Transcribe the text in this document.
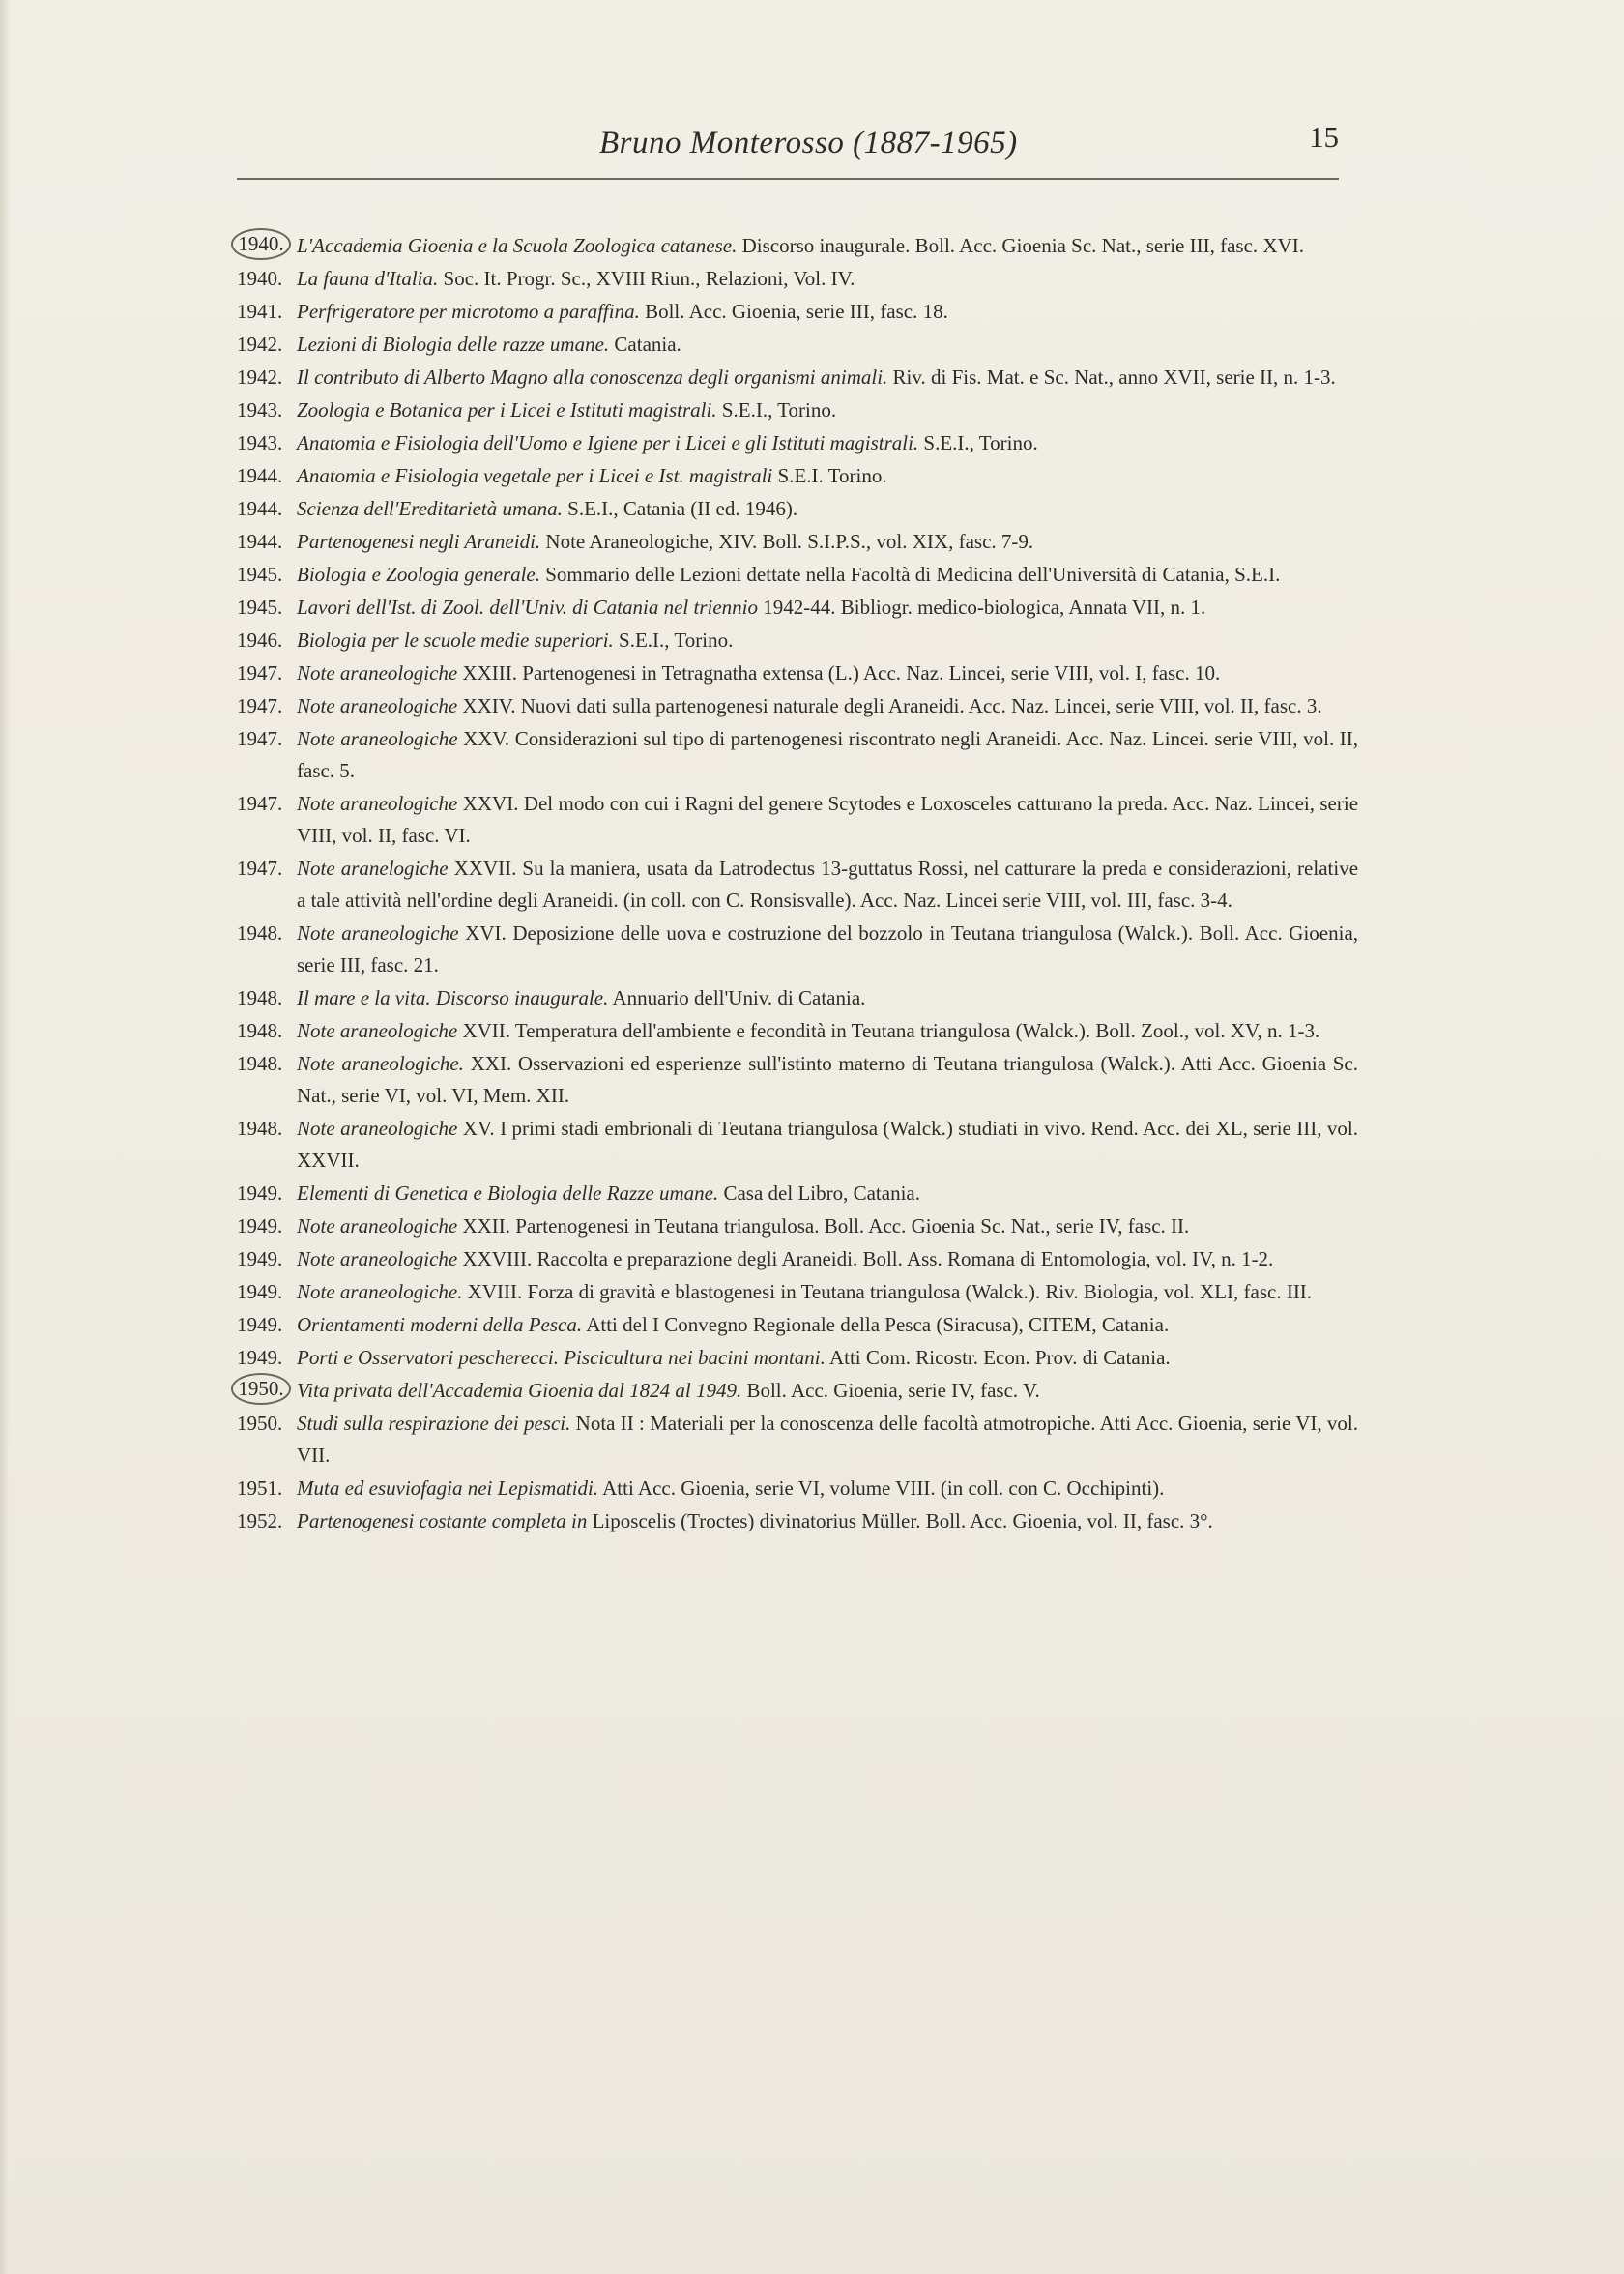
Bruno Monterosso (1887-1965)	15
1940. L'Accademia Gioenia e la Scuola Zoologica catanese. Discorso inaugurale. Boll. Acc. Gioenia Sc. Nat., serie III, fasc. XVI.
1940. La fauna d'Italia. Soc. It. Progr. Sc., XVIII Riun., Relazioni, Vol. IV.
1941. Perfrigeratore per microtomo a paraffina. Boll. Acc. Gioenia, serie III, fasc. 18.
1942. Lezioni di Biologia delle razze umane. Catania.
1942. Il contributo di Alberto Magno alla conoscenza degli organismi animali. Riv. di Fis. Mat. e Sc. Nat., anno XVII, serie II, n. 1-3.
1943. Zoologia e Botanica per i Licei e Istituti magistrali. S.E.I., Torino.
1943. Anatomia e Fisiologia dell'Uomo e Igiene per i Licei e gli Istituti magistrali. S.E.I., Torino.
1944. Anatomia e Fisiologia vegetale per i Licei e Ist. magistrali S.E.I. Torino.
1944. Scienza dell'Ereditarietà umana. S.E.I., Catania (II ed. 1946).
1944. Partenogenesi negli Araneidi. Note Araneologiche, XIV. Boll. S.I.P.S., vol. XIX, fasc. 7-9.
1945. Biologia e Zoologia generale. Sommario delle Lezioni dettate nella Facoltà di Medicina dell'Università di Catania, S.E.I.
1945. Lavori dell'Ist. di Zool. dell'Univ. di Catania nel triennio 1942-44. Bibliogr. medico-biologica, Annata VII, n. 1.
1946. Biologia per le scuole medie superiori. S.E.I., Torino.
1947. Note araneologiche XXIII. Partenogenesi in Tetragnatha extensa (L.) Acc. Naz. Lincei, serie VIII, vol. I, fasc. 10.
1947. Note araneologiche XXIV. Nuovi dati sulla partenogenesi naturale degli Araneidi. Acc. Naz. Lincei, serie VIII, vol. II, fasc. 3.
1947. Note araneologiche XXV. Considerazioni sul tipo di partenogenesi riscontrato negli Araneidi. Acc. Naz. Lincei. serie VIII, vol. II, fasc. 5.
1947. Note araneologiche XXVI. Del modo con cui i Ragni del genere Scytodes e Loxosceles catturano la preda. Acc. Naz. Lincei, serie VIII, vol. II, fasc. VI.
1947. Note aranelogiche XXVII. Su la maniera, usata da Latrodectus 13-guttatus Rossi, nel catturare la preda e considerazioni, relative a tale attività nell'ordine degli Araneidi. (in coll. con C. Ronsisvalle). Acc. Naz. Lincei serie VIII, vol. III, fasc. 3-4.
1948. Note araneologiche XVI. Deposizione delle uova e costruzione del bozzolo in Teutana triangulosa (Walck.). Boll. Acc. Gioenia, serie III, fasc. 21.
1948. Il mare e la vita. Discorso inaugurale. Annuario dell'Univ. di Catania.
1948. Note araneologiche XVII. Temperatura dell'ambiente e fecondità in Teutana triangulosa (Walck.). Boll. Zool., vol. XV, n. 1-3.
1948. Note araneologiche. XXI. Osservazioni ed esperienze sull'istinto materno di Teutana triangulosa (Walck.). Atti Acc. Gioenia Sc. Nat., serie VI, vol. VI, Mem. XII.
1948. Note araneologiche XV. I primi stadi embrionali di Teutana triangulosa (Walck.) studiati in vivo. Rend. Acc. dei XL, serie III, vol. XXVII.
1949. Elementi di Genetica e Biologia delle Razze umane. Casa del Libro, Catania.
1949. Note araneologiche XXII. Partenogenesi in Teutana triangulosa. Boll. Acc. Gioenia Sc. Nat., serie IV, fasc. II.
1949. Note araneologiche XXVIII. Raccolta e preparazione degli Araneidi. Boll. Ass. Romana di Entomologia, vol. IV, n. 1-2.
1949. Note araneologiche. XVIII. Forza di gravità e blastogenesi in Teutana triangulosa (Walck.). Riv. Biologia, vol. XLI, fasc. III.
1949. Orientamenti moderni della Pesca. Atti del I Convegno Regionale della Pesca (Siracusa), CITEM, Catania.
1949. Porti e Osservatori pescherecci. Piscicultura nei bacini montani. Atti Com. Ricostr. Econ. Prov. di Catania.
1950. Vita privata dell'Accademia Gioenia dal 1824 al 1949. Boll. Acc. Gioenia, serie IV, fasc. V.
1950. Studi sulla respirazione dei pesci. Nota II : Materiali per la conoscenza delle facoltà atmotropiche. Atti Acc. Gioenia, serie VI, vol. VII.
1951. Muta ed esuviofagia nei Lepismatidi. Atti Acc. Gioenia, serie VI, volume VIII. (in coll. con C. Occhipinti).
1952. Partenogenesi costante completa in Liposcelis (Troctes) divinatorius Müller. Boll. Acc. Gioenia, vol. II, fasc. 3°.
